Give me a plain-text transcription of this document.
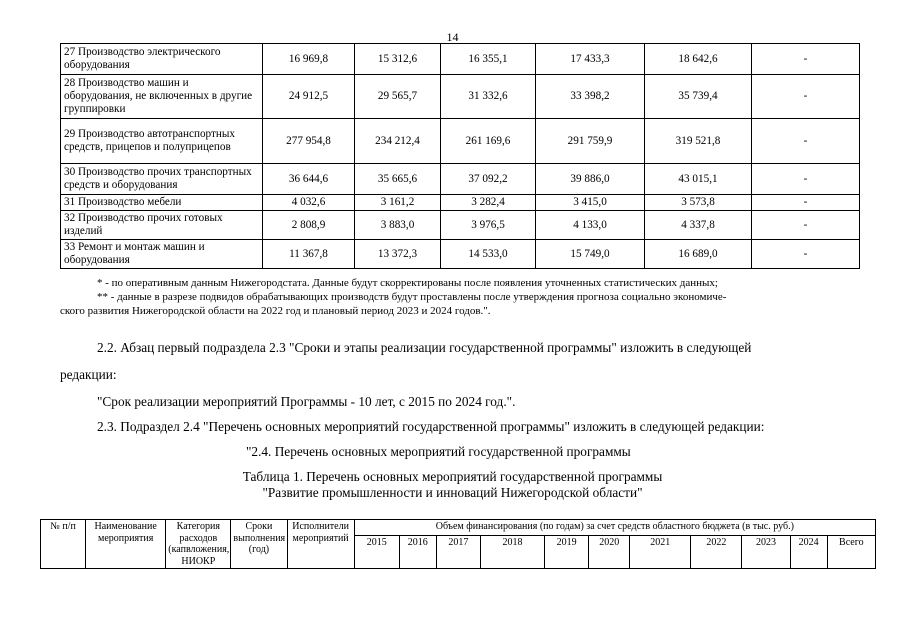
14
27 Производство электрического оборудования	16 969,8	15 312,6	16 355,1	17 433,3	18 642,6	-
28 Производство машин и оборудования, не включенных в другие группировки	24 912,5	29 565,7	31 332,6	33 398,2	35 739,4	-
29 Производство автотранспортных средств, прицепов и полуприцепов	277 954,8	234 212,4	261 169,6	291 759,9	319 521,8	-
30 Производство прочих транспортных средств и оборудования	36 644,6	35 665,6	37 092,2	39 886,0	43 015,1	-
31 Производство мебели	4 032,6	3 161,2	3 282,4	3 415,0	3 573,8	-
32 Производство прочих готовых изделий	2 808,9	3 883,0	3 976,5	4 133,0	4 337,8	-
33 Ремонт и монтаж машин и оборудования	11 367,8	13 372,3	14 533,0	15 749,0	16 689,0	-
* - по оперативным данным Нижегородстата. Данные будут скорректированы после появления уточненных статистических данных;
** - данные в разрезе подвидов обрабатывающих производств будут проставлены после утверждения прогноза социально экономиче-
ского развития Нижегородской области на 2022 год и плановый период 2023 и 2024 годов.".
2.2. Абзац первый подраздела 2.3 "Сроки и этапы реализации государственной программы" изложить в следующей
редакции:
"Срок реализации мероприятий Программы - 10 лет, с 2015 по 2024 год.".
2.3. Подраздел 2.4 "Перечень основных мероприятий государственной программы" изложить в следующей редакции:
"2.4. Перечень основных мероприятий государственной программы
Таблица 1. Перечень основных мероприятий государственной программы
"Развитие промышленности и инноваций Нижегородской области"
№ п/п	Наименование мероприятия	Категория расходов (капвложения, НИОКР	Сроки выполнения (год)	Исполнители мероприятий	Объем финансирования (по годам) за счет средств областного бюджета (в тыс. руб.)										
					2015	2016	2017	2018	2019	2020	2021	2022	2023	2024	Всего
